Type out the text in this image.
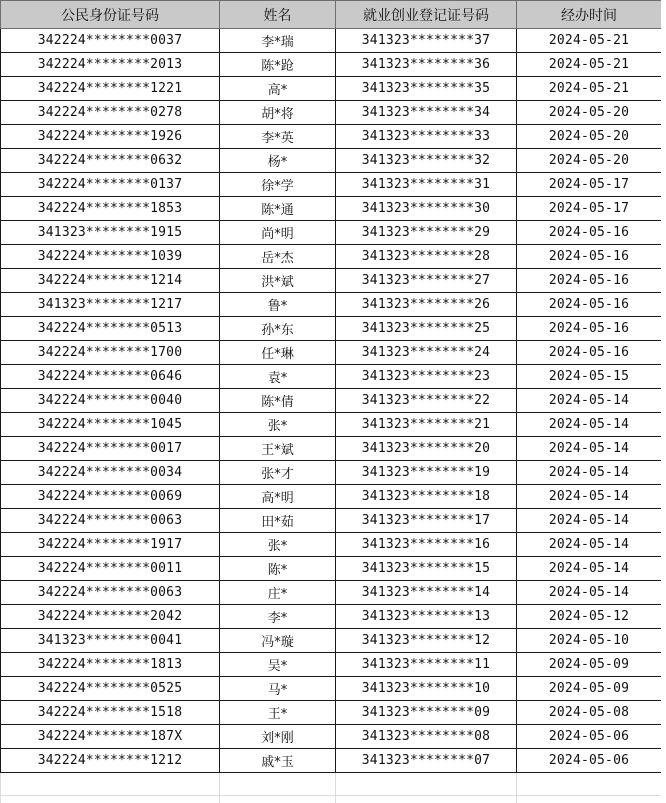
公民身份证号码	姓名	就业创业登记证号码	经办时间
342224********0037	李*瑞	341323********37	2024-05-21
342224********2013	陈*跄	341323********36	2024-05-21
342224********1221	高*	341323********35	2024-05-21
342224********0278	胡*将	341323********34	2024-05-20
342224********1926	李*英	341323********33	2024-05-20
342224********0632	杨*	341323********32	2024-05-20
342224********0137	徐*学	341323********31	2024-05-17
342224********1853	陈*通	341323********30	2024-05-17
341323********1915	尚*明	341323********29	2024-05-16
342224********1039	岳*杰	341323********28	2024-05-16
342224********1214	洪*斌	341323********27	2024-05-16
341323********1217	鲁*	341323********26	2024-05-16
342224********0513	孙*东	341323********25	2024-05-16
342224********1700	任*琳	341323********24	2024-05-16
342224********0646	袁*	341323********23	2024-05-15
342224********0040	陈*倩	341323********22	2024-05-14
342224********1045	张*	341323********21	2024-05-14
342224********0017	王*斌	341323********20	2024-05-14
342224********0034	张*才	341323********19	2024-05-14
342224********0069	高*明	341323********18	2024-05-14
342224********0063	田*茹	341323********17	2024-05-14
342224********1917	张*	341323********16	2024-05-14
342224********0011	陈*	341323********15	2024-05-14
342224********0063	庄*	341323********14	2024-05-14
342224********2042	李*	341323********13	2024-05-12
341323********0041	冯*璇	341323********12	2024-05-10
342224********1813	吴*	341323********11	2024-05-09
342224********0525	马*	341323********10	2024-05-09
342224********1518	王*	341323********09	2024-05-08
342224********187X	刘*刚	341323********08	2024-05-06
342224********1212	戚*玉	341323********07	2024-05-06
